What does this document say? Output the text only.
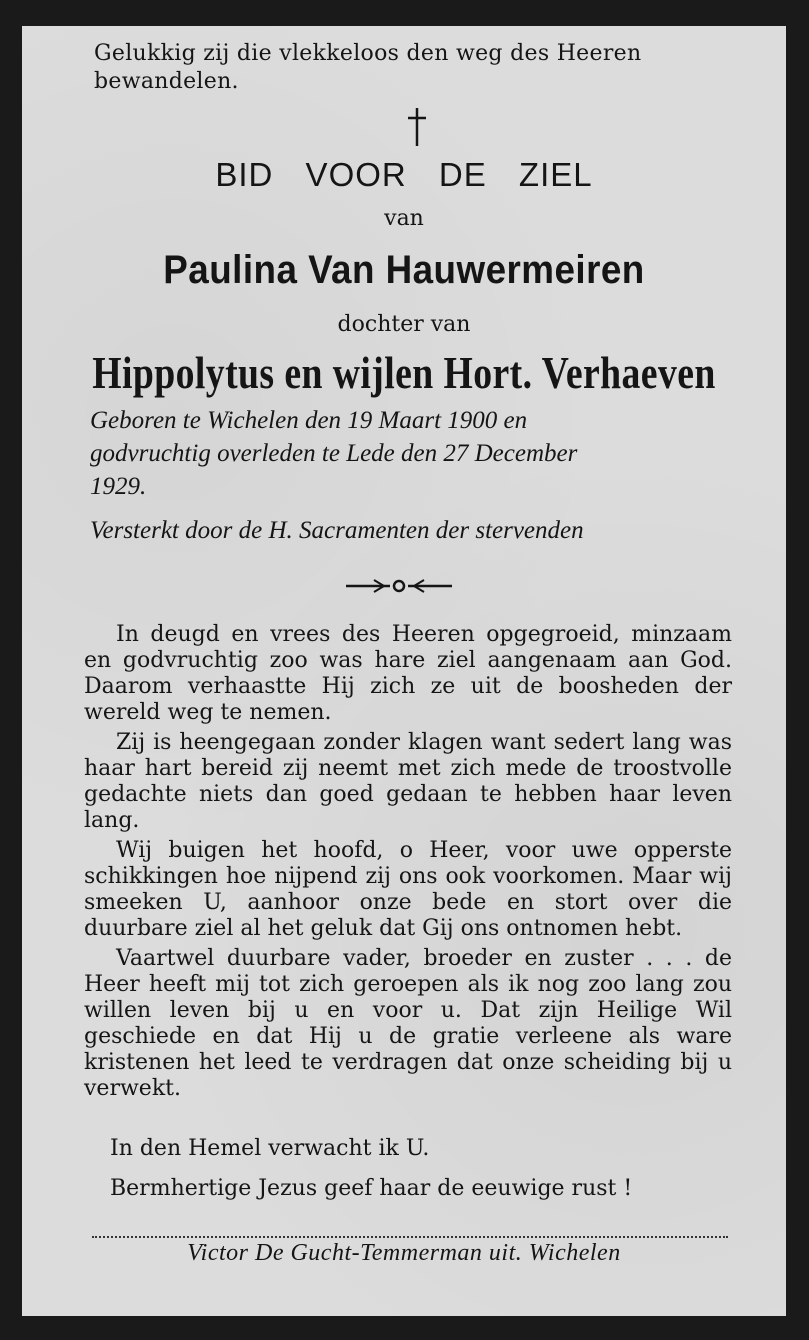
Gelukkig zij die vlekkeloos den weg des Heeren
bewandelen.
BID VOOR DE ZIEL
van
Paulina Van Hauwermeiren
dochter van
Hippolytus en wijlen Hort. Verhaeven
Geboren te Wichelen den 19 Maart 1900 en
godvruchtig overleden te Lede den 27 December
1929.
Versterkt door de H. Sacramenten der stervenden

In deugd en vrees des Heeren opgegroeid, minzaam en godvruchtig zoo was hare ziel aangenaam aan God. Daarom verhaastte Hij zich ze uit de boosheden der wereld weg te nemen.

Zij is heengegaan zonder klagen want sedert lang was haar hart bereid zij neemt met zich mede de troostvolle gedachte niets dan goed gedaan te hebben haar leven lang.

Wij buigen het hoofd, o Heer, voor uwe opperste schikkingen hoe nijpend zij ons ook voorkomen. Maar wij smeeken U, aanhoor onze bede en stort over die duurbare ziel al het geluk dat Gij ons ontnomen hebt.

Vaartwel duurbare vader, broeder en zuster . . . de Heer heeft mij tot zich geroepen als ik nog zoo lang zou willen leven bij u en voor u. Dat zijn Heilige Wil geschiede en dat Hij u de gratie verleene als ware kristenen het leed te verdragen dat onze scheiding bij u verwekt.

In den Hemel verwacht ik U.
Bermhertige Jezus geef haar de eeuwige rust !
Victor De Gucht-Temmerman uit. Wichelen
